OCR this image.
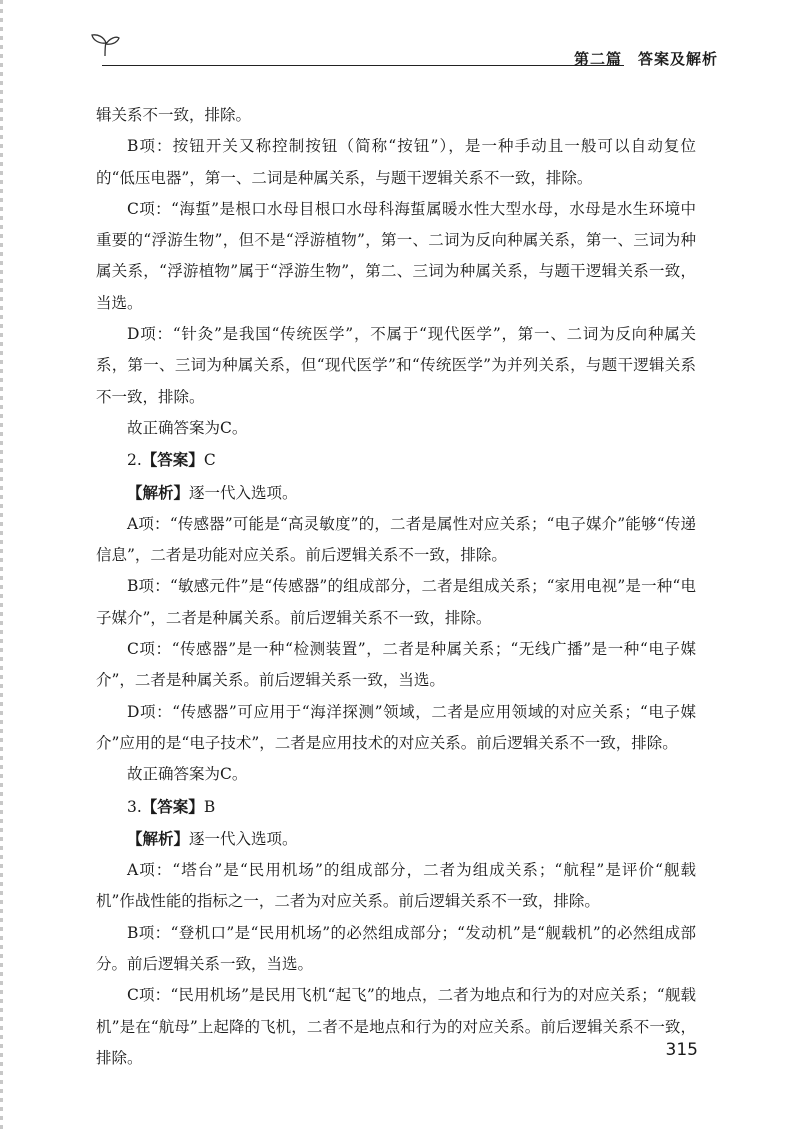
第二篇　答案及解析

辑关系不一致，排除。

B项：按钮开关又称控制按钮（简称“按钮”），是一种手动且一般可以自动复位的“低压电器”，第一、二词是种属关系，与题干逻辑关系不一致，排除。

C项：“海蜇”是根口水母目根口水母科海蜇属暖水性大型水母，水母是水生环境中重要的“浮游生物”，但不是“浮游植物”，第一、二词为反向种属关系，第一、三词为种属关系，“浮游植物”属于“浮游生物”，第二、三词为种属关系，与题干逻辑关系一致，当选。

D项：“针灸”是我国“传统医学”，不属于“现代医学”，第一、二词为反向种属关系，第一、三词为种属关系，但“现代医学”和“传统医学”为并列关系，与题干逻辑关系不一致，排除。

故正确答案为C。

2.【答案】C

【解析】逐一代入选项。

A项：“传感器”可能是“高灵敏度”的，二者是属性对应关系；“电子媒介”能够“传递信息”，二者是功能对应关系。前后逻辑关系不一致，排除。

B项：“敏感元件”是“传感器”的组成部分，二者是组成关系；“家用电视”是一种“电子媒介”，二者是种属关系。前后逻辑关系不一致，排除。

C项：“传感器”是一种“检测装置”，二者是种属关系；“无线广播”是一种“电子媒介”，二者是种属关系。前后逻辑关系一致，当选。

D项：“传感器”可应用于“海洋探测”领域，二者是应用领域的对应关系；“电子媒介”应用的是“电子技术”，二者是应用技术的对应关系。前后逻辑关系不一致，排除。

故正确答案为C。

3.【答案】B

【解析】逐一代入选项。

A项：“塔台”是“民用机场”的组成部分，二者为组成关系；“航程”是评价“舰载机”作战性能的指标之一，二者为对应关系。前后逻辑关系不一致，排除。

B项：“登机口”是“民用机场”的必然组成部分；“发动机”是“舰载机”的必然组成部分。前后逻辑关系一致，当选。

C项：“民用机场”是民用飞机“起飞”的地点，二者为地点和行为的对应关系；“舰载机”是在“航母”上起降的飞机，二者不是地点和行为的对应关系。前后逻辑关系不一致，排除。	315
